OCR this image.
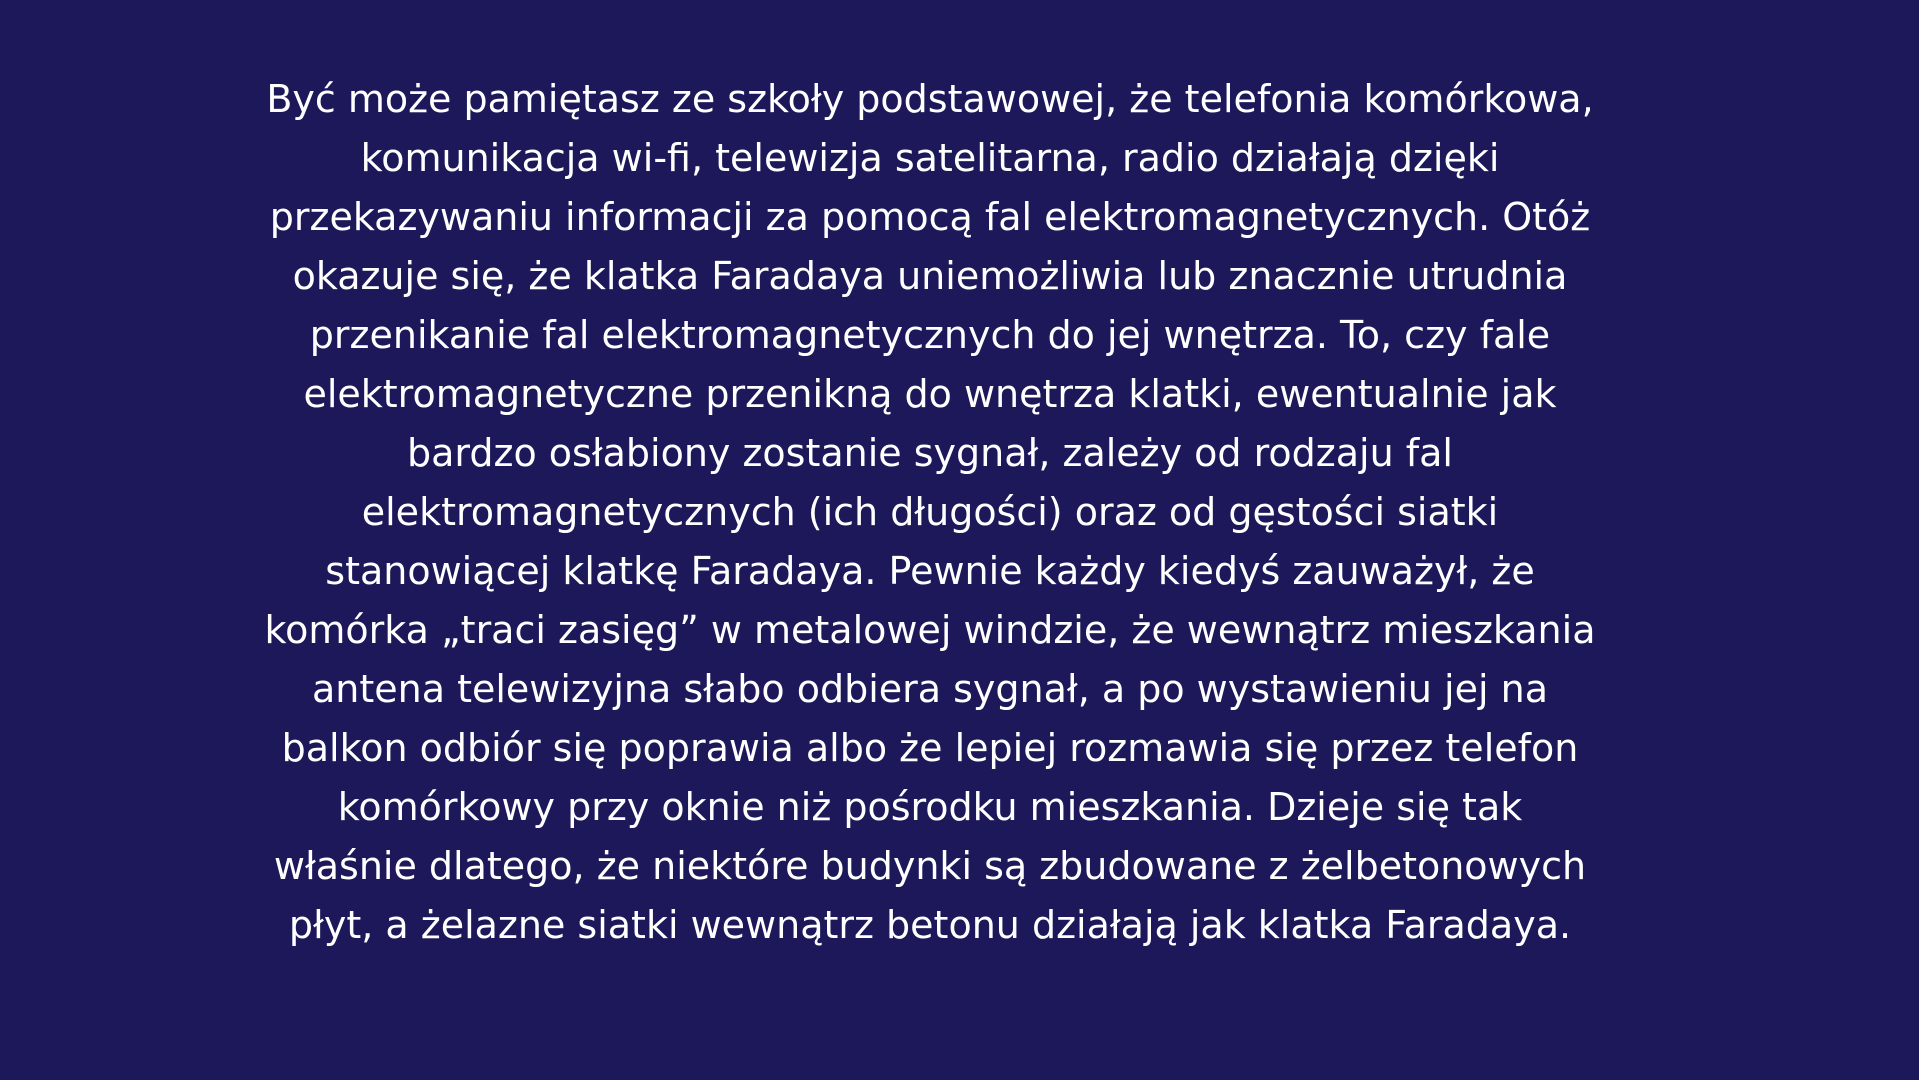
Być może pamiętasz ze szkoły podstawowej, że telefonia komórkowa,
komunikacja wi-fi, telewizja satelitarna, radio działają dzięki
przekazywaniu informacji za pomocą fal elektromagnetycznych. Otóż
okazuje się, że klatka Faradaya uniemożliwia lub znacznie utrudnia
przenikanie fal elektromagnetycznych do jej wnętrza. To, czy fale
elektromagnetyczne przenikną do wnętrza klatki, ewentualnie jak
bardzo osłabiony zostanie sygnał, zależy od rodzaju fal
elektromagnetycznych (ich długości) oraz od gęstości siatki
stanowiącej klatkę Faradaya. Pewnie każdy kiedyś zauważył, że
komórka „traci zasięg” w metalowej windzie, że wewnątrz mieszkania
antena telewizyjna słabo odbiera sygnał, a po wystawieniu jej na
balkon odbiór się poprawia albo że lepiej rozmawia się przez telefon
komórkowy przy oknie niż pośrodku mieszkania. Dzieje się tak
właśnie dlatego, że niektóre budynki są zbudowane z żelbetonowych
płyt, a żelazne siatki wewnątrz betonu działają jak klatka Faradaya.
